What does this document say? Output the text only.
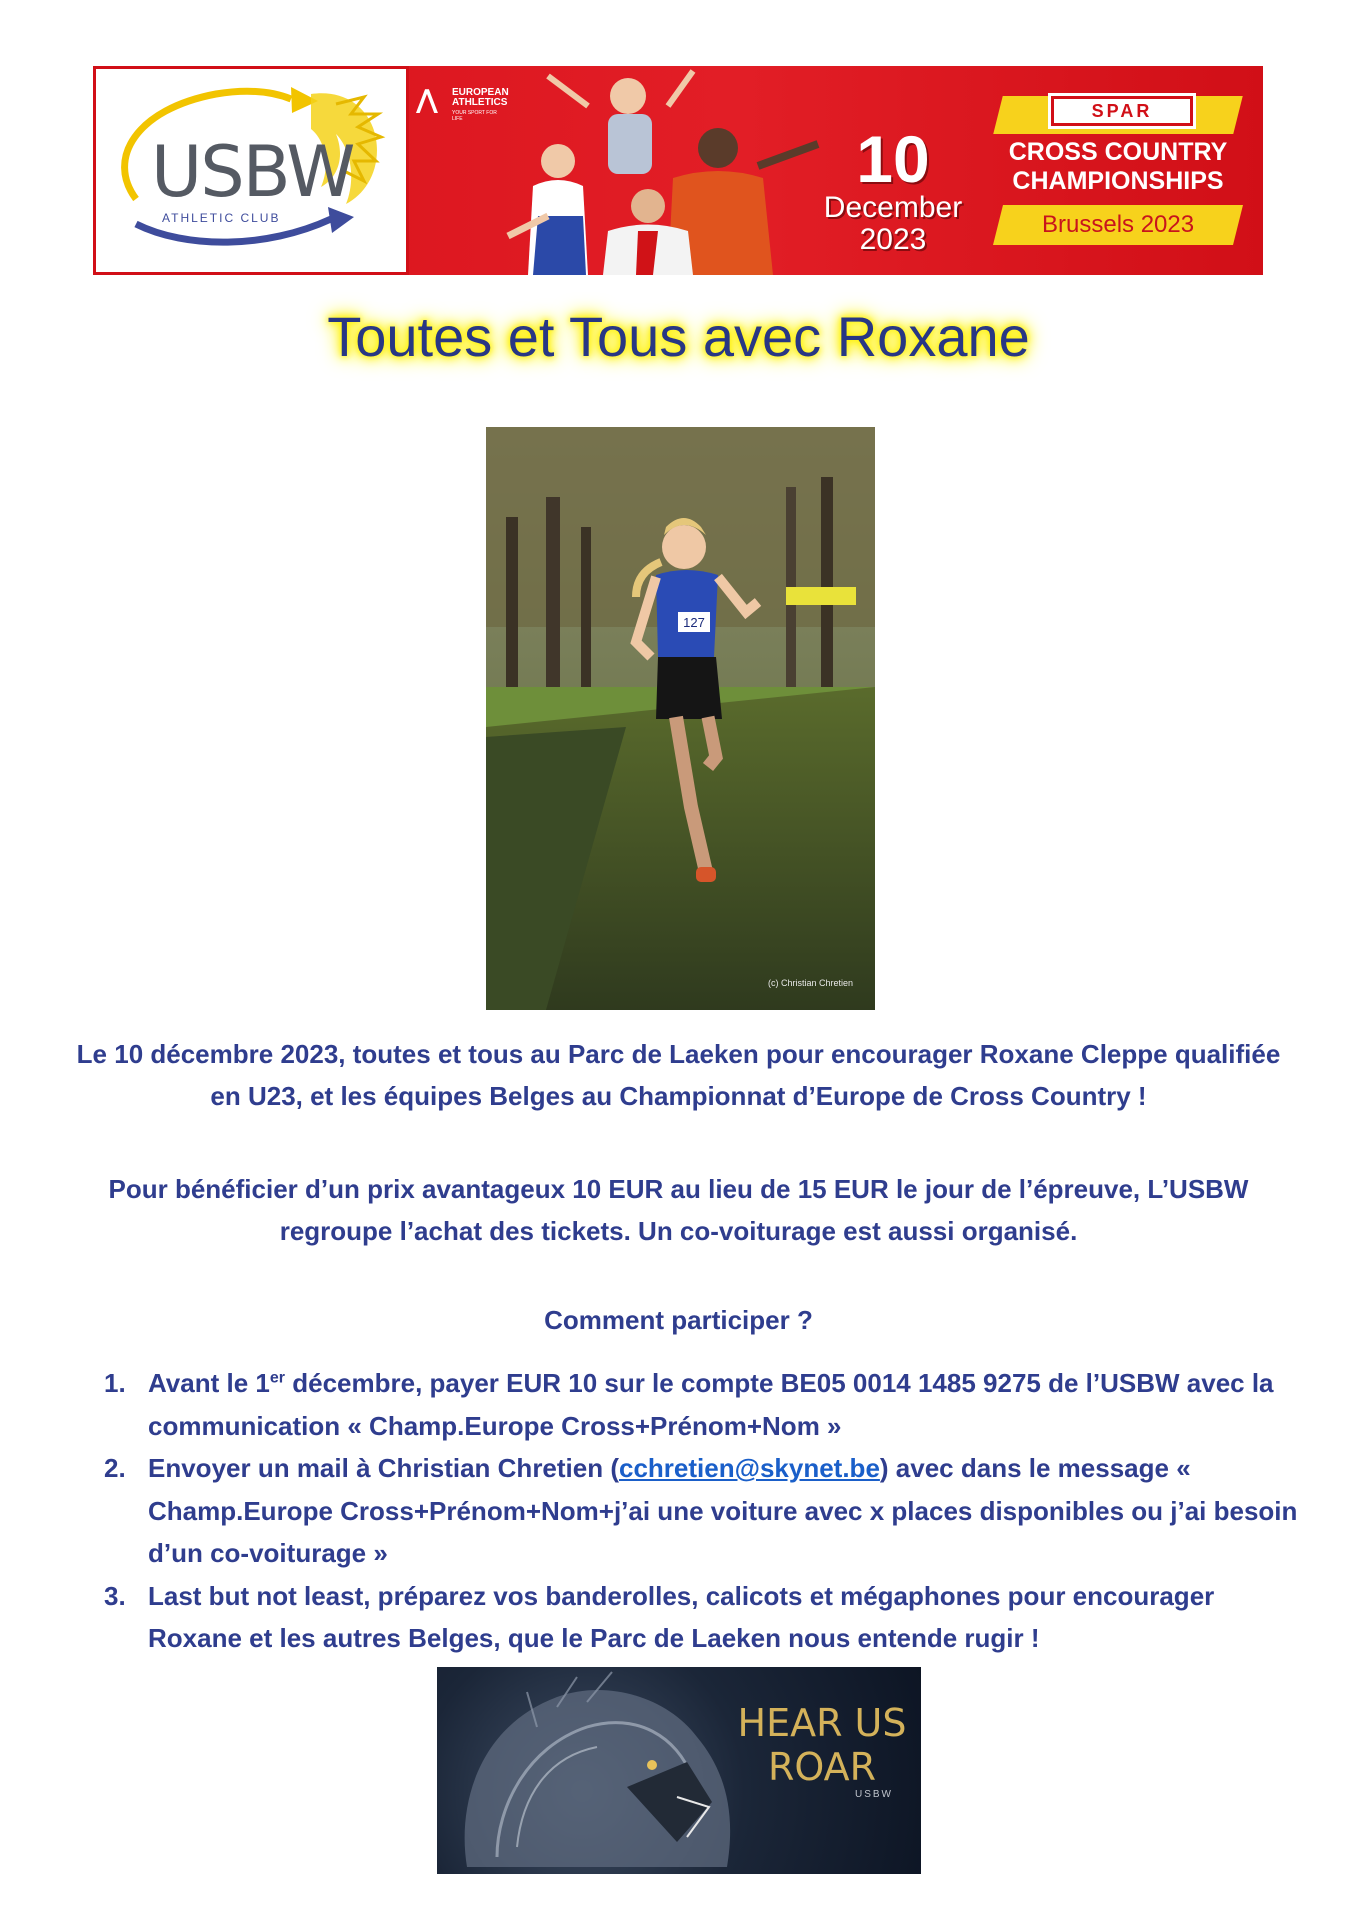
USBW
ATHLETIC CLUB
⋀ EUROPEAN ATHLETICS
YOUR SPORT FOR LIFE
10
December
2023
SPAR
CROSS COUNTRY CHAMPIONSHIPS
Brussels 2023
Toutes et Tous avec Roxane
127
(c) Christian Chretien
Le 10 décembre 2023, toutes et tous au Parc de Laeken pour encourager Roxane Cleppe qualifiée en U23, et les équipes Belges au Championnat d’Europe de Cross Country !
Pour bénéficier d’un prix avantageux 10 EUR au lieu de 15 EUR le jour de l’épreuve, L’USBW regroupe l’achat des tickets. Un co-voiturage est aussi organisé.
Comment participer ?
1. Avant le 1er décembre, payer EUR 10 sur le compte BE05 0014 1485 9275 de l’USBW avec la communication « Champ.Europe Cross+Prénom+Nom »
2. Envoyer un mail à Christian Chretien (cchretien@skynet.be) avec dans le message « Champ.Europe Cross+Prénom+Nom+j’ai une voiture avec x places disponibles ou j’ai besoin d’un co-voiturage »
3. Last but not least, préparez vos banderolles, calicots et mégaphones pour encourager Roxane et les autres Belges, que le Parc de Laeken nous entende rugir !
HEAR US
ROAR
USBW
